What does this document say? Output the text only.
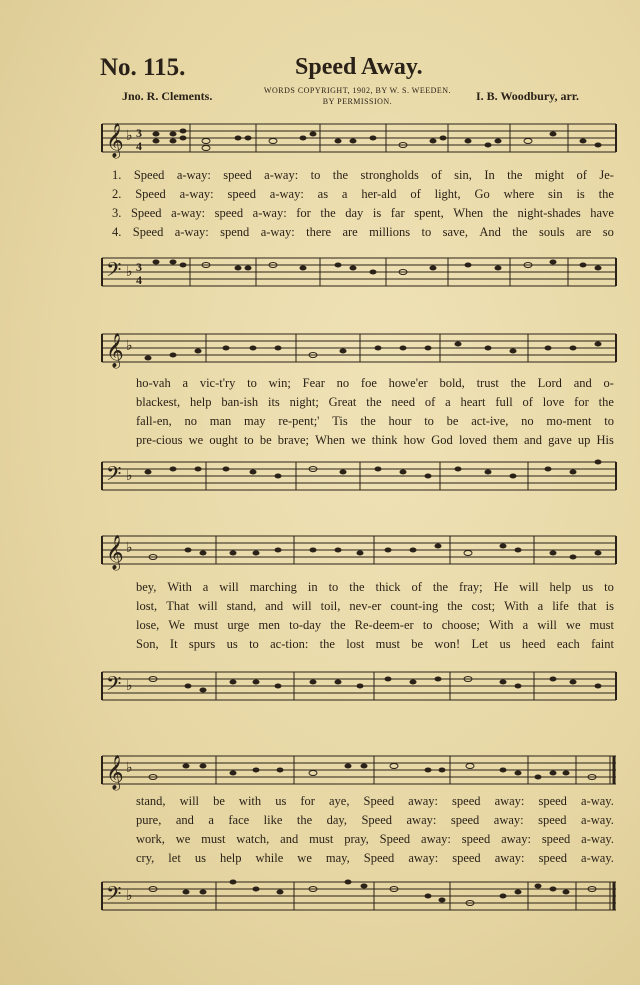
No. 115.	Speed Away.
Jno. R. Clements.	WORDS COPYRIGHT, 1902, BY W. S. WEEDEN.
BY PERMISSION.	I. B. Woodbury, arr.
𝄞 ♭ 3
4
1. Speed a-way: speed a-way: to the strongholds of sin, In the might of Je-
2. Speed a-way: speed a-way: as a her-ald of light, Go where sin is the
3. Speed a-way: speed a-way: for the day is far spent, When the night-shades have
4. Speed a-way: spend a-way: there are millions to save, And the souls are so
𝄢 ♭ 3
4
𝄞 ♭
ho-vah a vic-t'ry to win; Fear no foe howe'er bold, trust the Lord and o-
blackest, help ban-ish its night; Great the need of a heart full of love for the
fall-en, no man may re-pent;' Tis the hour to be act-ive, no mo-ment to
pre-cious we ought to be brave; When we think how God loved them and gave up His
𝄢 ♭
𝄞 ♭
bey, With a will marching in to the thick of the fray; He will help us to
lost, That will stand, and will toil, nev-er count-ing the cost; With a life that is
lose, We must urge men to-day the Re-deem-er to choose; With a will we must
Son, It spurs us to ac-tion: the lost must be won! Let us heed each faint
𝄢 ♭
𝄞 ♭
stand, will be with us for aye, Speed away: speed away: speed a-way.
pure, and a face like the day, Speed away: speed away: speed a-way.
work, we must watch, and must pray, Speed away: speed away: speed a-way.
cry, let us help while we may, Speed away: speed away: speed a-way.
𝄢 ♭
